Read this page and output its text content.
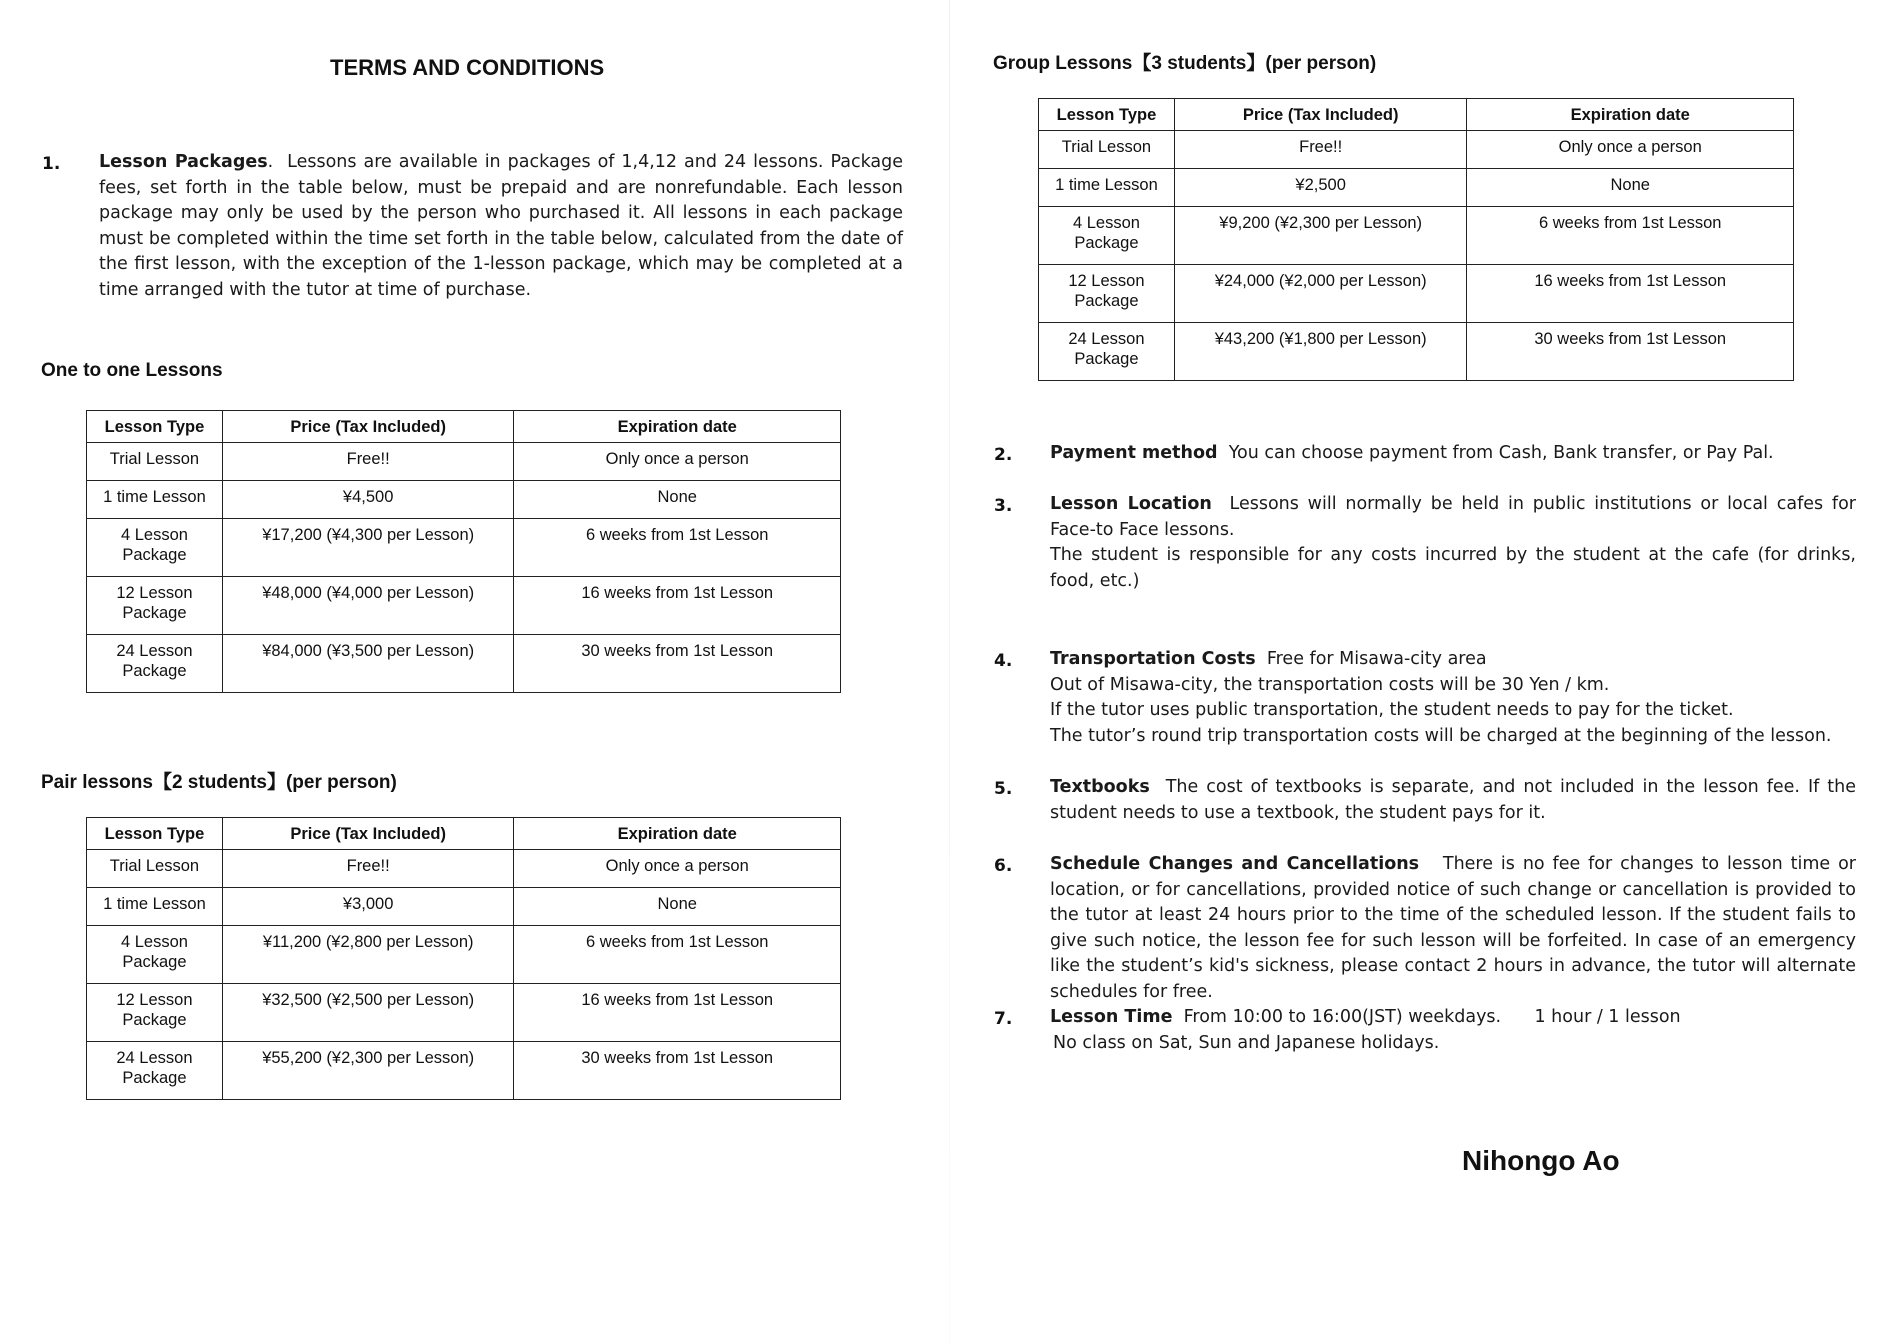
TERMS AND CONDITIONS
1. Lesson Packages. Lessons are available in packages of 1,4,12 and 24 lessons. Package fees, set forth in the table below, must be prepaid and are nonrefundable. Each lesson package may only be used by the person who purchased it. All lessons in each package must be completed within the time set forth in the table below, calculated from the date of the first lesson, with the exception of the 1-lesson package, which may be completed at a time arranged with the tutor at time of purchase.
One to one Lessons
Lesson Type	Price (Tax Included)	Expiration date
Trial Lesson	Free!!	Only once a person
1 time Lesson	¥4,500	None
4 Lesson
Package	¥17,200 (¥4,300 per Lesson)	6 weeks from 1st Lesson
12 Lesson
Package	¥48,000 (¥4,000 per Lesson)	16 weeks from 1st Lesson
24 Lesson
Package	¥84,000 (¥3,500 per Lesson)	30 weeks from 1st Lesson
Pair lessons【2 students】(per person)
Lesson Type	Price (Tax Included)	Expiration date
Trial Lesson	Free!!	Only once a person
1 time Lesson	¥3,000	None
4 Lesson
Package	¥11,200 (¥2,800 per Lesson)	6 weeks from 1st Lesson
12 Lesson
Package	¥32,500 (¥2,500 per Lesson)	16 weeks from 1st Lesson
24 Lesson
Package	¥55,200 (¥2,300 per Lesson)	30 weeks from 1st Lesson
Group Lessons【3 students】(per person)
Lesson Type	Price (Tax Included)	Expiration date
Trial Lesson	Free!!	Only once a person
1 time Lesson	¥2,500	None
4 Lesson
Package	¥9,200 (¥2,300 per Lesson)	6 weeks from 1st Lesson
12 Lesson
Package	¥24,000 (¥2,000 per Lesson)	16 weeks from 1st Lesson
24 Lesson
Package	¥43,200 (¥1,800 per Lesson)	30 weeks from 1st Lesson
2. Payment method You can choose payment from Cash, Bank transfer, or Pay Pal.
3. Lesson Location Lessons will normally be held in public institutions or local cafes for Face-to Face lessons.
The student is responsible for any costs incurred by the student at the cafe (for drinks, food, etc.)
4. Transportation Costs Free for Misawa-city area
Out of Misawa-city, the transportation costs will be 30 Yen / km.
If the tutor uses public transportation, the student needs to pay for the ticket.
The tutor’s round trip transportation costs will be charged at the beginning of the lesson.
5. Textbooks The cost of textbooks is separate, and not included in the lesson fee. If the student needs to use a textbook, the student pays for it.
6. Schedule Changes and Cancellations There is no fee for changes to lesson time or location, or for cancellations, provided notice of such change or cancellation is provided to the tutor at least 24 hours prior to the time of the scheduled lesson. If the student fails to give such notice, the lesson fee for such lesson will be forfeited. In case of an emergency like the student’s kid's sickness, please contact 2 hours in advance, the tutor will alternate schedules for free.
7. Lesson Time From 10:00 to 16:00(JST) weekdays.      1 hour / 1 lesson
No class on Sat, Sun and Japanese holidays.
Nihongo Ao
